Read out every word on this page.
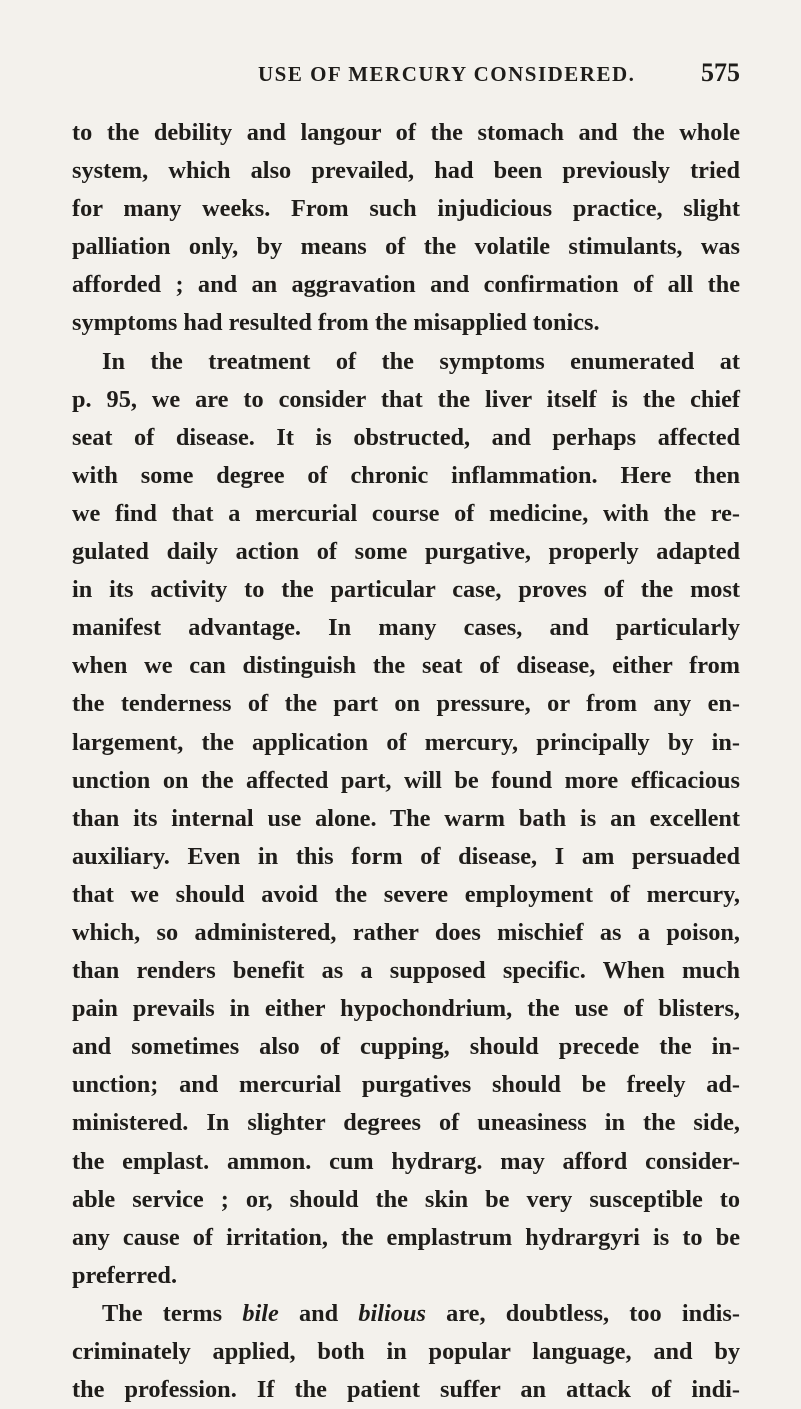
USE OF MERCURY CONSIDERED.	575
to the debility and langour of the stomach and the whole
system, which also prevailed, had been previously tried
for many weeks. From such injudicious practice, slight
palliation only, by means of the volatile stimulants, was
afforded ; and an aggravation and confirmation of all the
symptoms had resulted from the misapplied tonics.
In the treatment of the symptoms enumerated at
p. 95, we are to consider that the liver itself is the chief
seat of disease. It is obstructed, and perhaps affected
with some degree of chronic inflammation. Here then
we find that a mercurial course of medicine, with the re-
gulated daily action of some purgative, properly adapted
in its activity to the particular case, proves of the most
manifest advantage. In many cases, and particularly
when we can distinguish the seat of disease, either from
the tenderness of the part on pressure, or from any en-
largement, the application of mercury, principally by in-
unction on the affected part, will be found more efficacious
than its internal use alone. The warm bath is an excellent
auxiliary. Even in this form of disease, I am persuaded
that we should avoid the severe employment of mercury,
which, so administered, rather does mischief as a poison,
than renders benefit as a supposed specific. When much
pain prevails in either hypochondrium, the use of blisters,
and sometimes also of cupping, should precede the in-
unction; and mercurial purgatives should be freely ad-
ministered. In slighter degrees of uneasiness in the side,
the emplast. ammon. cum hydrarg. may afford consider-
able service ; or, should the skin be very susceptible to
any cause of irritation, the emplastrum hydrargyri is to be
preferred.
The terms bile and bilious are, doubtless, too indis-
criminately applied, both in popular language, and by
the profession. If the patient suffer an attack of indi-
